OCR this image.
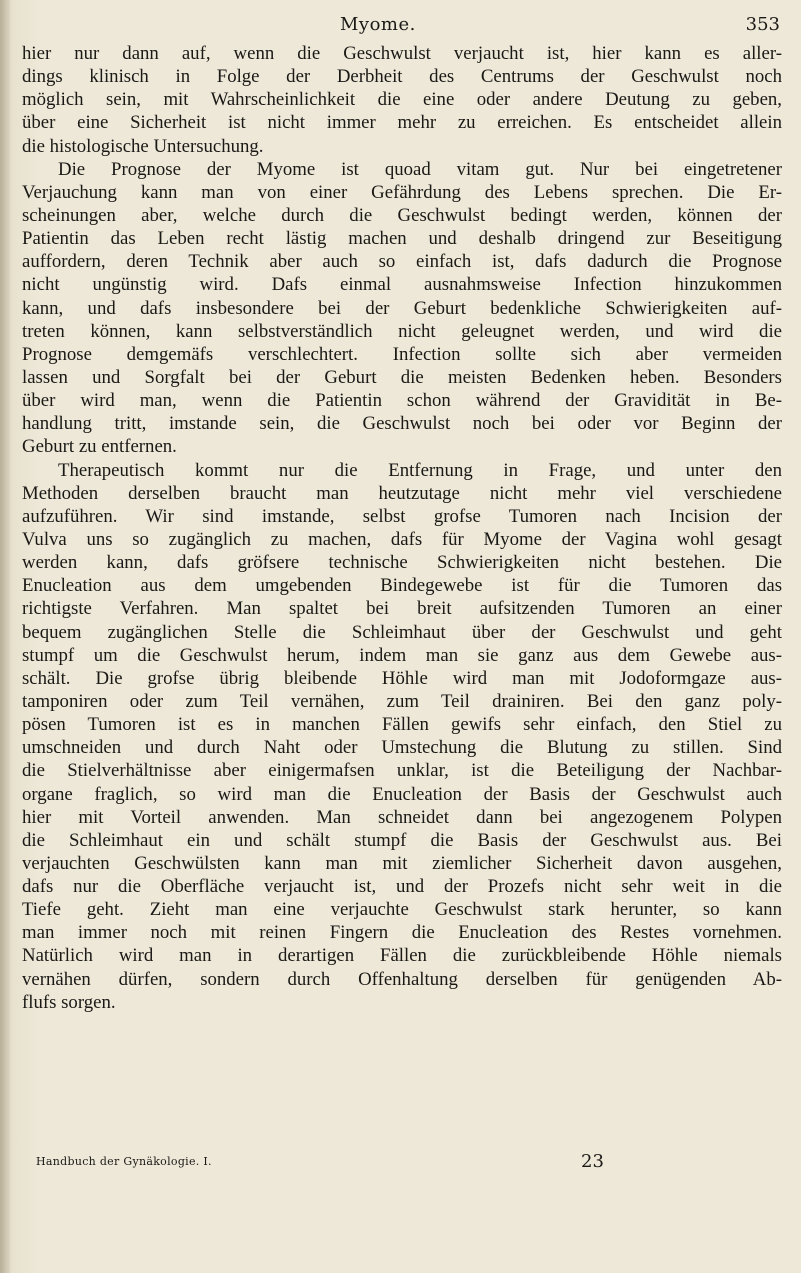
Myome.	353
hier nur dann auf, wenn die Geschwulst verjaucht ist, hier kann es aller-
dings klinisch in Folge der Derbheit des Centrums der Geschwulst noch
möglich sein, mit Wahrscheinlichkeit die eine oder andere Deutung zu geben,
über eine Sicherheit ist nicht immer mehr zu erreichen. Es entscheidet allein
die histologische Untersuchung.
Die Prognose der Myome ist quoad vitam gut. Nur bei eingetretener
Verjauchung kann man von einer Gefährdung des Lebens sprechen. Die Er-
scheinungen aber, welche durch die Geschwulst bedingt werden, können der
Patientin das Leben recht lästig machen und deshalb dringend zur Beseitigung
auffordern, deren Technik aber auch so einfach ist, dafs dadurch die Prognose
nicht ungünstig wird. Dafs einmal ausnahmsweise Infection hinzukommen
kann, und dafs insbesondere bei der Geburt bedenkliche Schwierigkeiten auf-
treten können, kann selbstverständlich nicht geleugnet werden, und wird die
Prognose demgemäfs verschlechtert. Infection sollte sich aber vermeiden
lassen und Sorgfalt bei der Geburt die meisten Bedenken heben. Besonders
über wird man, wenn die Patientin schon während der Gravidität in Be-
handlung tritt, imstande sein, die Geschwulst noch bei oder vor Beginn der
Geburt zu entfernen.
Therapeutisch kommt nur die Entfernung in Frage, und unter den
Methoden derselben braucht man heutzutage nicht mehr viel verschiedene
aufzuführen. Wir sind imstande, selbst grofse Tumoren nach Incision der
Vulva uns so zugänglich zu machen, dafs für Myome der Vagina wohl gesagt
werden kann, dafs gröfsere technische Schwierigkeiten nicht bestehen. Die
Enucleation aus dem umgebenden Bindegewebe ist für die Tumoren das
richtigste Verfahren. Man spaltet bei breit aufsitzenden Tumoren an einer
bequem zugänglichen Stelle die Schleimhaut über der Geschwulst und geht
stumpf um die Geschwulst herum, indem man sie ganz aus dem Gewebe aus-
schält. Die grofse übrig bleibende Höhle wird man mit Jodoformgaze aus-
tamponiren oder zum Teil vernähen, zum Teil drainiren. Bei den ganz poly-
pösen Tumoren ist es in manchen Fällen gewifs sehr einfach, den Stiel zu
umschneiden und durch Naht oder Umstechung die Blutung zu stillen. Sind
die Stielverhältnisse aber einigermafsen unklar, ist die Beteiligung der Nachbar-
organe fraglich, so wird man die Enucleation der Basis der Geschwulst auch
hier mit Vorteil anwenden. Man schneidet dann bei angezogenem Polypen
die Schleimhaut ein und schält stumpf die Basis der Geschwulst aus. Bei
verjauchten Geschwülsten kann man mit ziemlicher Sicherheit davon ausgehen,
dafs nur die Oberfläche verjaucht ist, und der Prozefs nicht sehr weit in die
Tiefe geht. Zieht man eine verjauchte Geschwulst stark herunter, so kann
man immer noch mit reinen Fingern die Enucleation des Restes vornehmen.
Natürlich wird man in derartigen Fällen die zurückbleibende Höhle niemals
vernähen dürfen, sondern durch Offenhaltung derselben für genügenden Ab-
flufs sorgen.
Handbuch der Gynäkologie. I.	23
